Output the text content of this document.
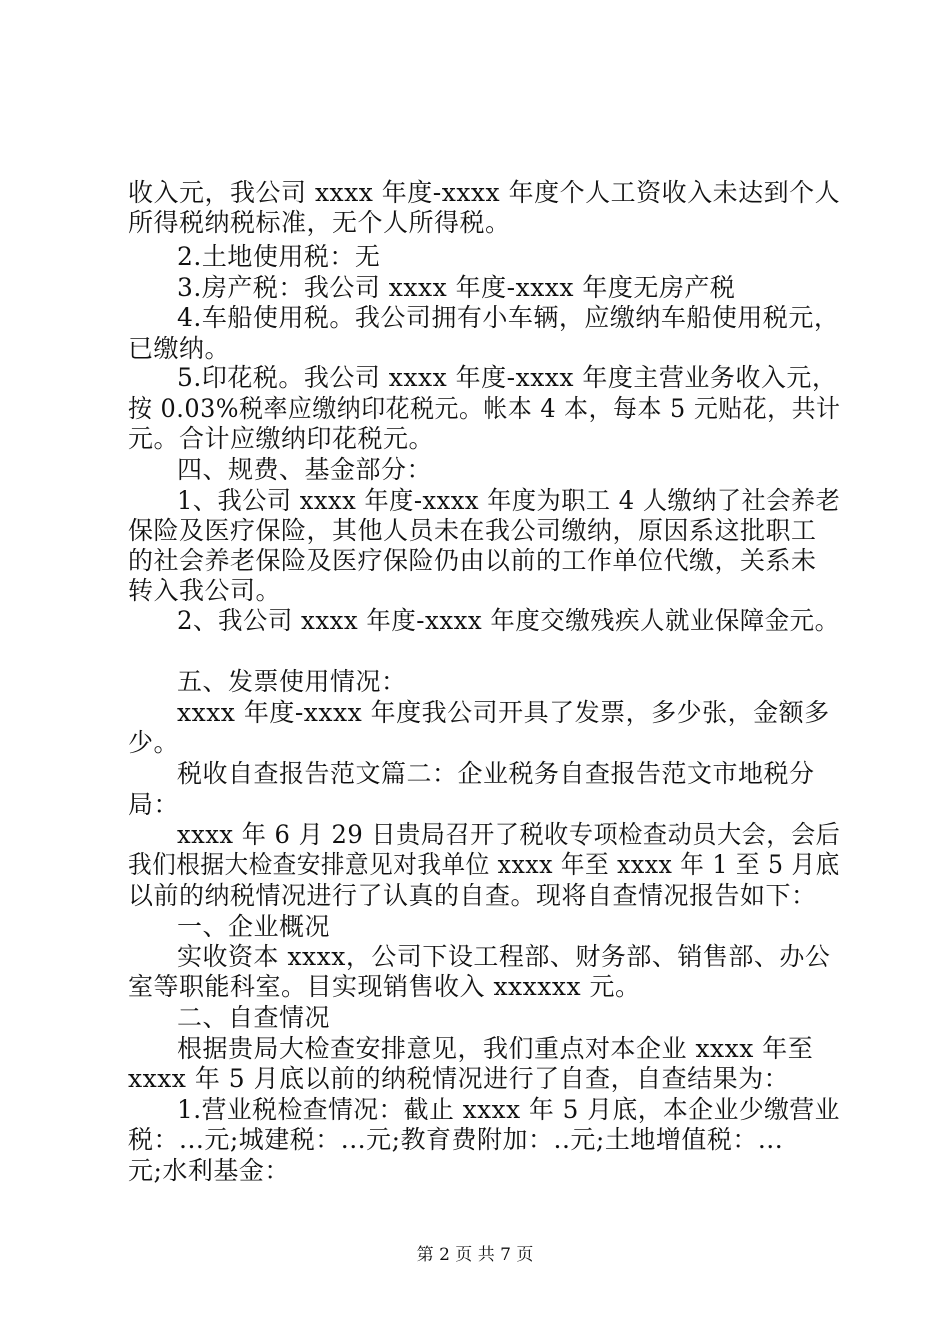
收入元，我公司 xxxx 年度-xxxx 年度个人工资收入未达到个人
所得税纳税标准，无个人所得税。
2.土地使用税：无
3.房产税：我公司 xxxx 年度-xxxx 年度无房产税
4.车船使用税。我公司拥有小车辆，应缴纳车船使用税元，
已缴纳。
5.印花税。我公司 xxxx 年度-xxxx 年度主营业务收入元，
按 0.03%税率应缴纳印花税元。帐本 4 本，每本 5 元贴花，共计
元。合计应缴纳印花税元。
四、规费、基金部分：
1、我公司 xxxx 年度-xxxx 年度为职工 4 人缴纳了社会养老
保险及医疗保险，其他人员未在我公司缴纳，原因系这批职工
的社会养老保险及医疗保险仍由以前的工作单位代缴，关系未
转入我公司。
2、我公司 xxxx 年度-xxxx 年度交缴残疾人就业保障金元。
五、发票使用情况：
xxxx 年度-xxxx 年度我公司开具了发票，多少张，金额多
少。
税收自查报告范文篇二：企业税务自查报告范文市地税分
局：
xxxx 年 6 月 29 日贵局召开了税收专项检查动员大会，会后
我们根据大检查安排意见对我单位 xxxx 年至 xxxx 年 1 至 5 月底
以前的纳税情况进行了认真的自查。现将自查情况报告如下：
一、企业概况
实收资本 xxxx，公司下设工程部、财务部、销售部、办公
室等职能科室。目实现销售收入 xxxxxx 元。
二、自查情况
根据贵局大检查安排意见，我们重点对本企业 xxxx 年至
xxxx 年 5 月底以前的纳税情况进行了自查，自查结果为：
1.营业税检查情况：截止 xxxx 年 5 月底，本企业少缴营业
税：...元;城建税：...元;教育费附加：..元;土地增值税：...
元;水利基金：
第 2 页 共 7 页
